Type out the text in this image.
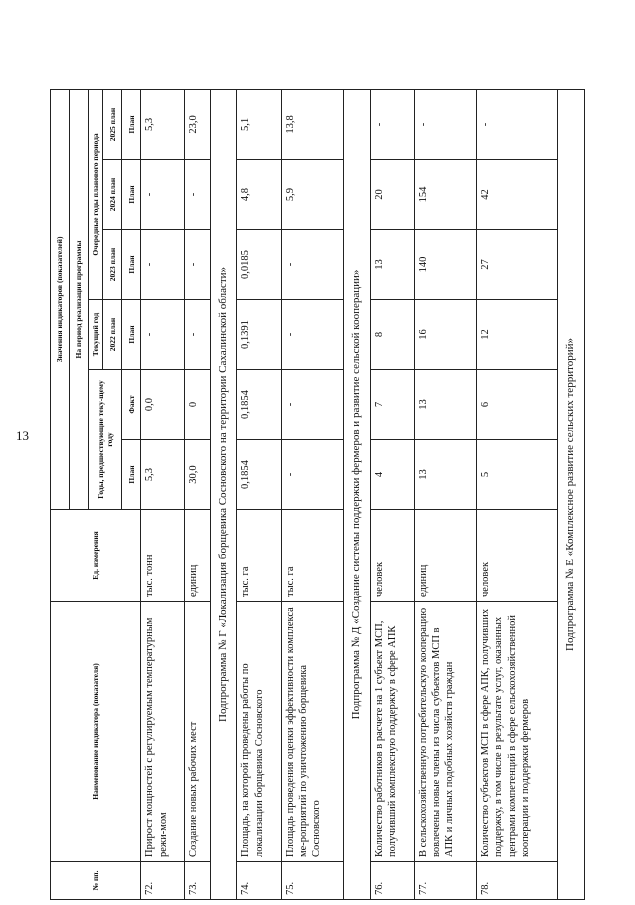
13
№ пп.	Наименование индикатора (показателя)	Ед. измерения	Значения индикаторов (показателей)					
			На период реализации программы					
			Годы, предшествующие теку-щему году		Текущий год	Очередные годы планового периода		
					2022 план	2023 план	2024 план	2025 план
			План	Факт	План	План	План	План
72.	Прирост мощностей с регулируемым температурным режи-мом	тыс. тонн	5,3	0,0	-	-	-	5,3
73.	Создание новых рабочих мест	единиц	30,0	0	-	-	-	23,0
Подпрограмма № Г «Локализация борщевика Сосновского на территории Сахалинской области»								
74.	Площадь, на которой проведены работы по локализации борщевика Сосновского	тыс. га	0,1854	0,1854	0,1391	0,0185	4,8	5,1
75.	Площадь проведения оценки эффективности комплекса ме-роприятий по уничтожению борщевика Сосновского	тыс. га	-	-	-	-	5,9	13,8
Подпрограмма № Д «Создание системы поддержки фермеров и развитие сельской кооперации»								
76.	Количество работников в расчете на 1 субъект МСП, получивший комплексную поддержку в сфере АПК	человек	4	7	8	13	20	-
77.	В сельскохозяйственную потребительскую кооперацию вовлечены новые члены из числа субъектов МСП в АПК и личных подобных хозяйств граждан	единиц	13	13	16	140	154	-
78.	Количество субъектов МСП в сфере АПК, получивших поддержку, в том числе в результате услуг, оказанных центрами компетенций в сфере сельскохозяйственной кооперации и поддержки фермеров	человек	5	6	12	27	42	-
Подпрограмма № Е «Комплексное развитие сельских территорий»								
